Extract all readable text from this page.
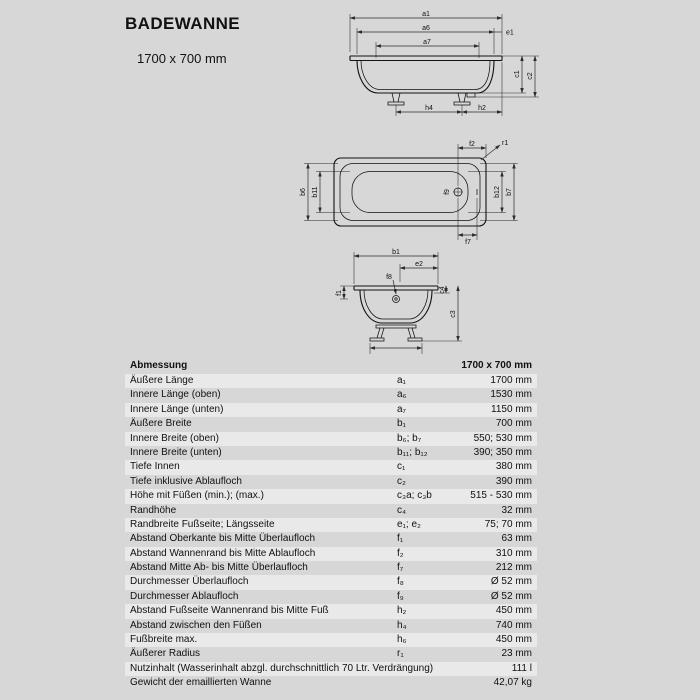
BADEWANNE
1700 x 700 mm
a1
a6
a7
e1
c1 c2
h4	h2
f2	r1
b6 b11	b12 b7
f9
f7
b1
e2
f8
f1	c4
c3
Abmessung	1700 x 700 mm
Äußere Länge	a₁	1700 mm
Innere Länge (oben)	a₆	1530 mm
Innere Länge (unten)	a₇	1150 mm
Äußere Breite	b₁	700 mm
Innere Breite (oben)	b₆; b₇	550; 530 mm
Innere Breite (unten)	b₁₁; b₁₂	390; 350 mm
Tiefe Innen	c₁	380 mm
Tiefe inklusive Ablaufloch	c₂	390 mm
Höhe mit Füßen (min.); (max.)	c₃a; c₃b	515 - 530 mm
Randhöhe	c₄	32 mm
Randbreite Fußseite; Längsseite	e₁; e₂	75; 70 mm
Abstand Oberkante bis Mitte Überlaufloch	f₁	63 mm
Abstand Wannenrand bis Mitte Ablaufloch	f₂	310 mm
Abstand Mitte Ab- bis Mitte Überlaufloch	f₇	212 mm
Durchmesser Überlaufloch	f₈	Ø 52 mm
Durchmesser Ablaufloch	f₉	Ø 52 mm
Abstand Fußseite Wannenrand bis Mitte Fuß	h₂	450 mm
Abstand zwischen den Füßen	h₄	740 mm
Fußbreite max.	h₆	450 mm
Äußerer Radius	r₁	23 mm
Nutzinhalt (Wasserinhalt abzgl. durchschnittlich 70 Ltr. Verdrängung)	111 l
Gewicht der emaillierten Wanne	42,07 kg
